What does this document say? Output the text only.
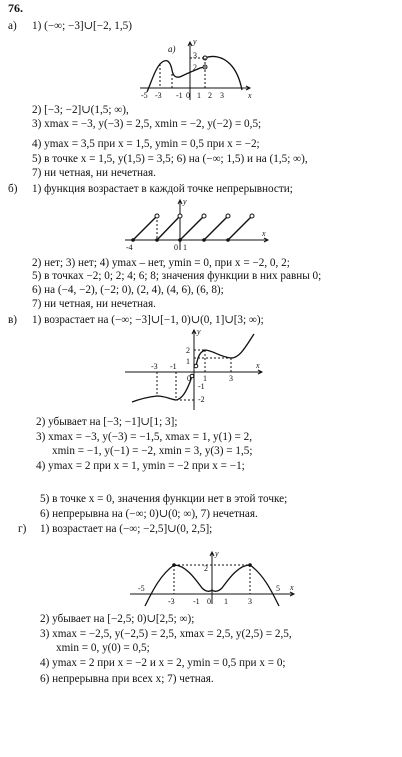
76.
а) 1) (−∞; −3]∪[−2, 1,5)
а)
-5 -3 -1 0 1 2 3	x
y
3
2
2) [−3; −2]∪(1,5; ∞),
3) xmax = −3, y(−3) = 2,5, xmin = −2, y(−2) = 0,5;
4) ymax = 3,5 при x = 1,5, ymin = 0,5 при x = −2;
5) в точке x = 1,5, y(1,5) = 3,5; 6) на (−∞; 1,5) и на (1,5; ∞),
7) ни четная, ни нечетная.
б) 1) функция возрастает в каждой точке непрерывности;
-4	0 1
x
y
2) нет; 3) нет; 4) ymax – нет, ymin = 0, при x = −2, 0, 2;
5) в точках −2; 0; 2; 4; 6; 8; значения функции в них равны 0;
6) на (−4, −2), (−2; 0), (2, 4), (4, 6), (6, 8);
7) ни четная, ни нечетная.
в) 1) возрастает на (−∞; −3]∪[−1, 0)∪(0, 1]∪[3; ∞);
-3 -1
0 1	3
x
y
2
1
-1
-2
2) убывает на [−3; −1]∪[1; 3];
3) xmax = −3, y(−3) = −1,5, xmax = 1, y(1) = 2,
xmin = −1, y(−1) = −2, xmin = 3, y(3) = 1,5;
4) ymax = 2 при x = 1, ymin = −2 при x = −1;
5) в точке x = 0, значения функции нет в этой точке;
6) непрерывна на (−∞; 0)∪(0; ∞), 7) нечетная.
г) 1) возрастает на (−∞; −2,5]∪(0, 2,5];
-5
-3 -1 0 1	3
5 x
y
2
2) убывает на [−2,5; 0)∪[2,5; ∞);
3) xmax = −2,5, y(−2,5) = 2,5, xmax = 2,5, y(2,5) = 2,5,
xmin = 0, y(0) = 0,5;
4) ymax = 2 при x = −2 и x = 2, ymin = 0,5 при x = 0;
6) непрерывна при всех x; 7) четная.
